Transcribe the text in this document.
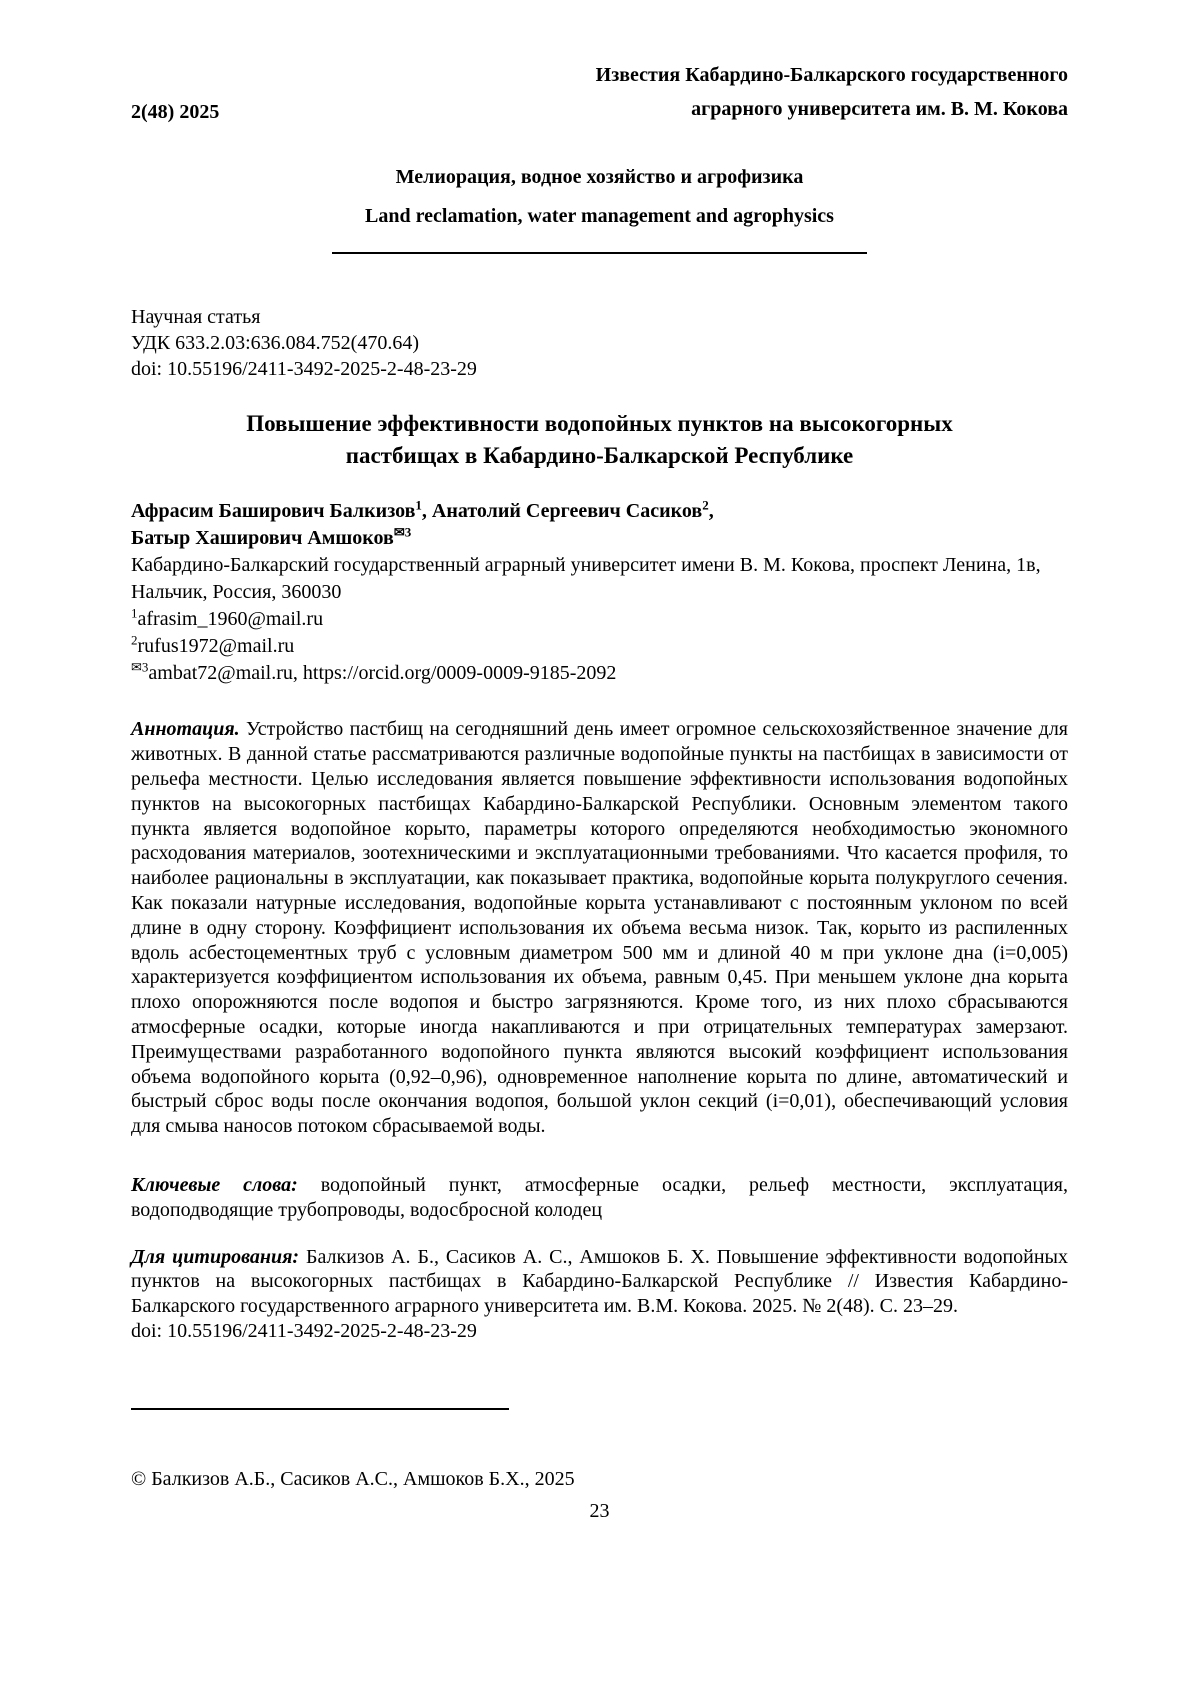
2(48) 2025
Известия Кабардино-Балкарского государственного
аграрного университета им. В. М. Кокова
Мелиорация, водное хозяйство и агрофизика
Land reclamation, water management and agrophysics

Научная статья

УДК 633.2.03:636.084.752(470.64)

doi: 10.55196/2411-3492-2025-2-48-23-29

Повышение эффективности водопойных пунктов на высокогорных пастбищах в Кабардино-Балкарской Республике
Афрасим Баширович Балкизов$^1$, Анатолий Сергеевич Сасиков$^2$,
Батыр Хаширович Амшоков$^{✉3}$
Кабардино-Балкарский государственный аграрный университет имени В. М. Кокова, проспект Ленина, 1в, Нальчик, Россия, 360030
$^1$afrasim_1960@mail.ru
$^2$rufus1972@mail.ru
$^{✉3}$ambat72@mail.ru, https://orcid.org/0009-0009-9185-2092

Аннотация. Устройство пастбищ на сегодняшний день имеет огромное сельскохозяйственное значение для животных. В данной статье рассматриваются различные водопойные пункты на пастбищах в зависимости от рельефа местности. Целью исследования является повышение эффективности использования водопойных пунктов на высокогорных пастбищах Кабардино-Балкарской Республики. Основным элементом такого пункта является водопойное корыто, параметры которого определяются необходимостью экономного расходования материалов, зоотехническими и эксплуатационными требованиями. Что касается профиля, то наиболее рациональны в эксплуатации, как показывает практика, водопойные корыта полукруглого сечения. Как показали натурные исследования, водопойные корыта устанавливают с постоянным уклоном по всей длине в одну сторону. Коэффициент использования их объема весьма низок. Так, корыто из распиленных вдоль асбестоцементных труб с условным диаметром 500 мм и длиной 40 м при уклоне дна (i=0,005) характеризуется коэффициентом использования их объема, равным 0,45. При меньшем уклоне дна корыта плохо опорожняются после водопоя и быстро загрязняются. Кроме того, из них плохо сбрасываются атмосферные осадки, которые иногда накапливаются и при отрицательных температурах замерзают. Преимуществами разработанного водопойного пункта являются высокий коэффициент использования объема водопойного корыта (0,92–0,96), одновременное наполнение корыта по длине, автоматический и быстрый сброс воды после окончания водопоя, большой уклон секций (i=0,01), обеспечивающий условия для смыва наносов потоком сбрасываемой воды.

Ключевые слова: водопойный пункт, атмосферные осадки, рельеф местности, эксплуатация, водоподводящие трубопроводы, водосбросной колодец

Для цитирования: Балкизов А. Б., Сасиков А. С., Амшоков Б. Х. Повышение эффективности водопойных пунктов на высокогорных пастбищах в Кабардино-Балкарской Республике // Известия Кабардино-Балкарского государственного аграрного университета им. В.М. Кокова. 2025. № 2(48). С. 23–29.
doi: 10.55196/2411-3492-2025-2-48-23-29

© Балкизов А.Б., Сасиков А.С., Амшоков Б.Х., 2025
23
